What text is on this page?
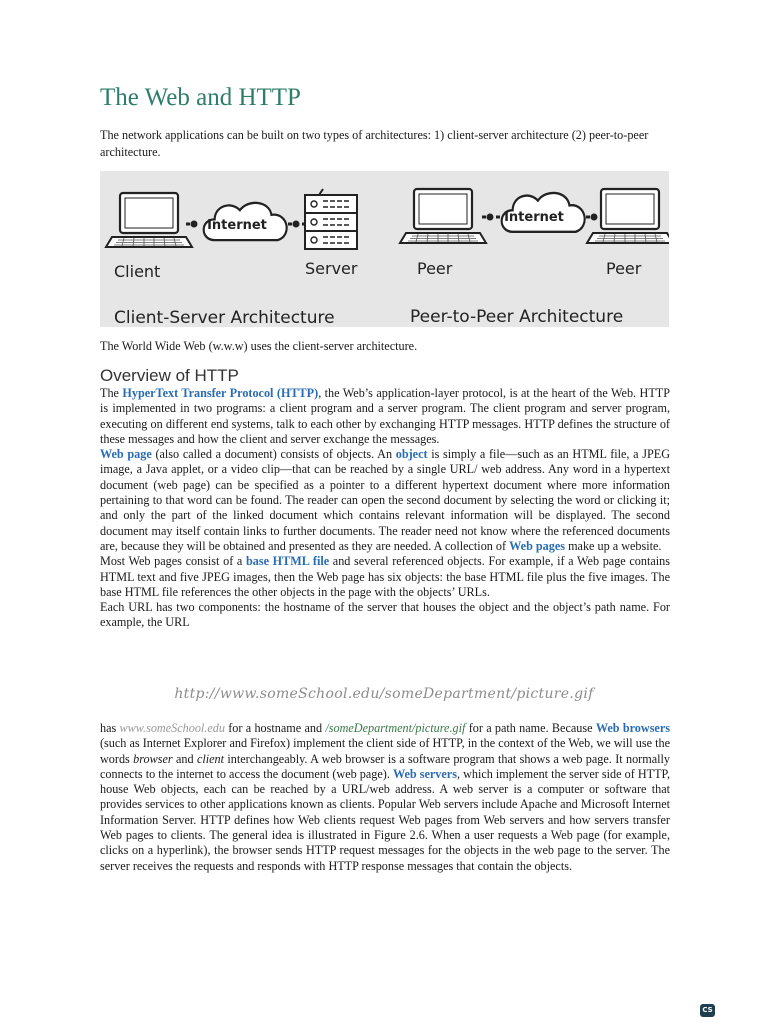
The Web and HTTP

The network applications can be built on two types of architectures: 1) client-server architecture (2) peer-to-peer architecture.

Internet
Internet
Client	Server	Peer	Peer
Client-Server Architecture	Peer-to-Peer Architecture

The World Wide Web (w.w.w) uses the client-server architecture.

Overview of HTTP

The HyperText Transfer Protocol (HTTP), the Web’s application-layer protocol, is at the heart of the Web. HTTP is implemented in two programs: a client program and a server program. The client program and server program, executing on different end systems, talk to each other by exchanging HTTP messages. HTTP defines the structure of these messages and how the client and server exchange the messages.

Web page (also called a document) consists of objects. An object is simply a file—such as an HTML file, a JPEG image, a Java applet, or a video clip—that can be reached by a single URL/ web address. Any word in a hypertext document (web page) can be specified as a pointer to a different hypertext document where more information pertaining to that word can be found. The reader can open the second document by selecting the word or clicking it; and only the part of the linked document which contains relevant information will be displayed. The second document may itself contain links to further documents. The reader need not know where the referenced documents are, because they will be obtained and presented as they are needed. A collection of Web pages make up a website.

Most Web pages consist of a base HTML file and several referenced objects. For example, if a Web page contains HTML text and five JPEG images, then the Web page has six objects: the base HTML file plus the five images. The base HTML file references the other objects in the page with the objects’ URLs.

Each URL has two components: the hostname of the server that houses the object and the object’s path name. For example, the URL

http://www.someSchool.edu/someDepartment/picture.gif

has www.someSchool.edu for a hostname and /someDepartment/picture.gif for a path name. Because Web browsers (such as Internet Explorer and Firefox) implement the client side of HTTP, in the context of the Web, we will use the words browser and client interchangeably. A web browser is a software program that shows a web page. It normally connects to the internet to access the document (web page). Web servers, which implement the server side of HTTP, house Web objects, each can be reached by a URL/web address. A web server is a computer or software that provides services to other applications known as clients. Popular Web servers include Apache and Microsoft Internet Information Server. HTTP defines how Web clients request Web pages from Web servers and how servers transfer Web pages to clients. The general idea is illustrated in Figure 2.6. When a user requests a Web page (for example, clicks on a hyperlink), the browser sends HTTP request messages for the objects in the web page to the server. The server receives the requests and responds with HTTP response messages that contain the objects.

CS
